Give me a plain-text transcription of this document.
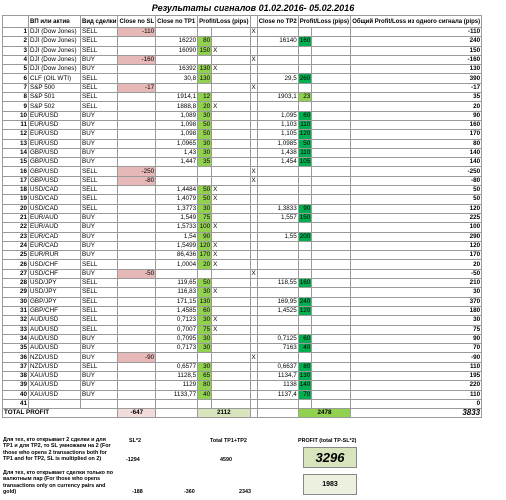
Результаты сигналов 01.02.2016- 05.02.2016
	ВП или актив	Вид сделки	Close no SL	Close no TP1	Profit/Loss (pips)			Close no TP2	Profit/Loss (pips)		Общий Profit/Loss из одного сигнала (pips)
1	DJI (Dow Jones)	SELL	-110				X				-110
2	DJI (Dow Jones)	SELL		16220	80			16140	160		240
3	DJI (Dow Jones)	SELL		16090	150	X					150
4	DJI (Dow Jones)	BUY	-160				X				-160
5	DJI (Dow Jones)	BUY		16392	130	X					130
6	CLF (OIL WTI)	SELL		30,8	130			29,5	260		390
7	S&P 500	SELL	-17				X				-17
8	S&P 501	SELL		1914,1	12			1903,1	23		35
9	S&P 502	SELL		1888,8	20	X					20
10	EUR/USD	BUY		1,089	30			1,095	60		90
11	EUR/USD	BUY		1,098	50			1,103	110		160
12	EUR/USD	BUY		1,098	50			1,105	120		170
13	EUR/USD	BUY		1,0965	30			1,0985	50		80
14	GBP/USD	BUY		1,43	30			1,438	110		140
15	GBP/USD	BUY		1,447	35			1,454	105		140
16	GBP/USD	SELL	-250				X				-250
17	GBP/USD	SELL	-80				X				-80
18	USD/CAD	SELL		1,4484	50	X					50
19	USD/CAD	SELL		1,4079	50	X					50
20	USD/CAD	SELL		1,3773	30			1,3833	90		120
21	EUR/AUD	BUY		1,549	75			1,557	150		225
22	EUR/AUD	BUY		1,5733	100	X					100
23	EUR/CAD	BUY		1,54	90			1,55	200		290
24	EUR/CAD	BUY		1,5499	120	X					120
25	EUR/RUR	BUY		86,436	170	X					170
26	USD/CHF	SELL		1,0004	20	X					20
27	USD/CHF	BUY	-50				X				-50
28	USD/JPY	SELL		119,65	50			118,55	160		210
29	USD/JPY	SELL		116,83	30	X					30
30	GBP/JPY	SELL		171,15	130			169,95	240		370
31	GBP/CHF	SELL		1,4585	60			1,4525	120		180
32	AUD/USD	SELL		0,7123	30	X					30
33	AUD/USD	SELL		0,7007	75	X					75
34	AUD/USD	BUY		0,7095	30			0,7125	60		90
35	AUD/USD	BUY		0,7173	30			7163	40		70
36	NZD/USD	BUY	-90				X				-90
37	NZD/USD	SELL		0,6577	30			0,6637	80		110
38	XAU/USD	BUY		1128,5	65			1134,7	130		195
39	XAU/USD	BUY		1129	80			1138	140		220
40	XAU/USD	BUY		1133,77	40			1137,4	70		110
41											0
TOTAL PROFIT			-647		2112				2478		3833
Для тех, кто открывает 2 сделки и для TP1 и для TP2, то SL умножаем на 2 (For those who opens 2 transactions both for TP1 and for TP2, SL is multiplied on 2)
SL*2
-1294
Total TP1+TP2
4590
PROFIT (total TP-SL*2)
3296
Для тех, кто открывает сделки только по валютным пар (For those who opens transactions only on currency pairs and gold)	-188	-360	2343
1983
